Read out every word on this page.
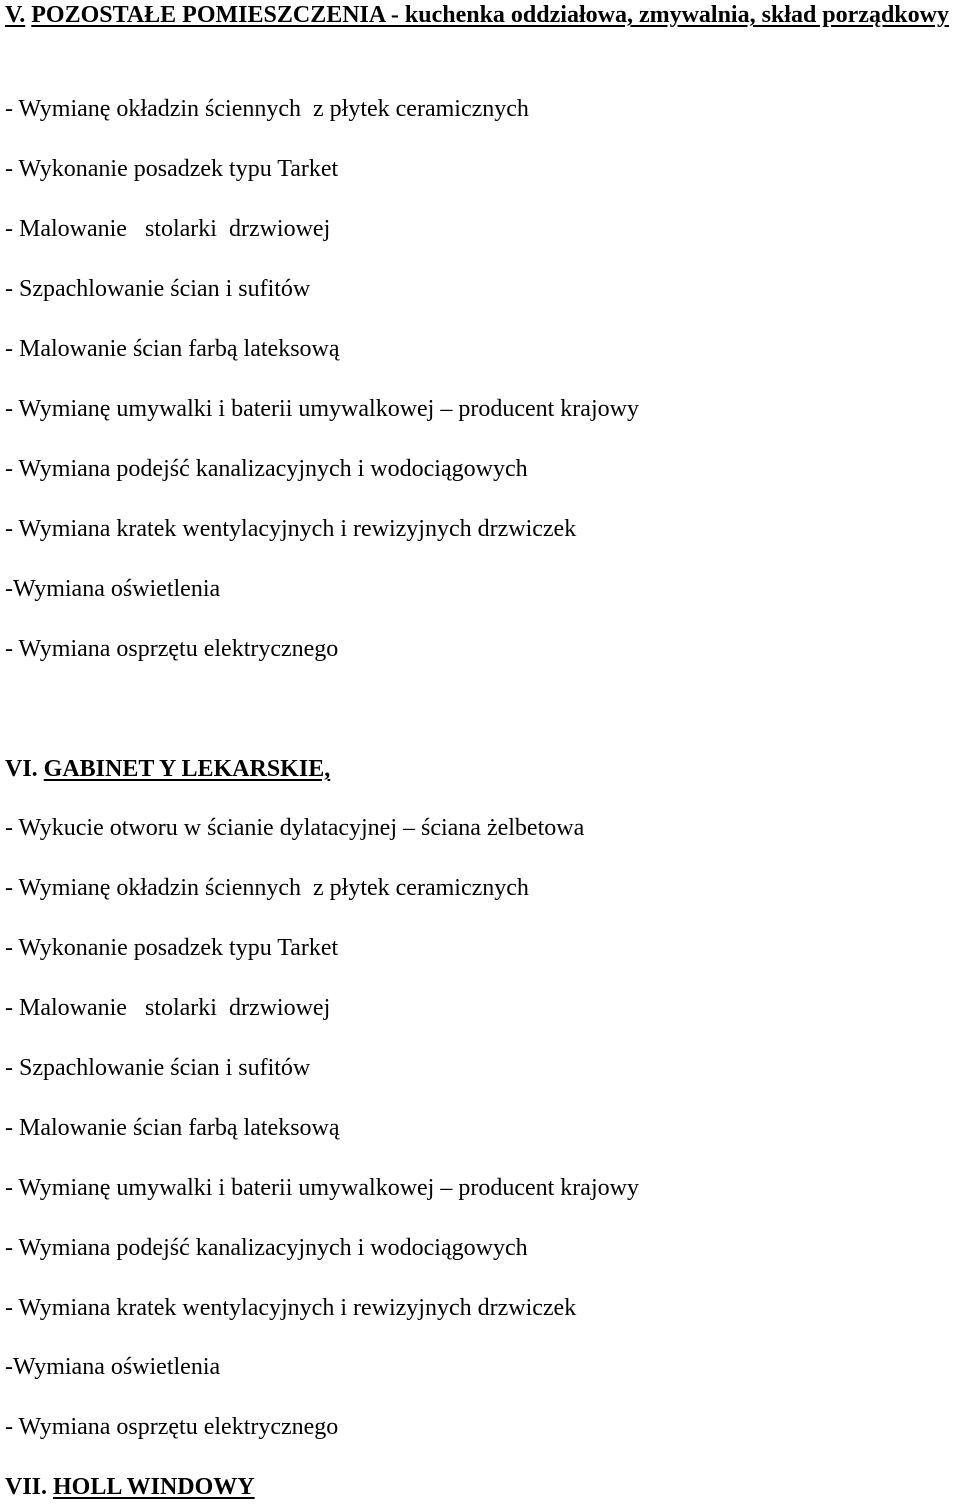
V. POZOSTAŁE POMIESZCZENIA - kuchenka oddziałowa, zmywalnia, skład porządkowy
- Wymianę okładzin ściennych  z płytek ceramicznych
- Wykonanie posadzek typu Tarket
- Malowanie   stolarki  drzwiowej
- Szpachlowanie ścian i sufitów
- Malowanie ścian farbą lateksową
- Wymianę umywalki i baterii umywalkowej – producent krajowy
- Wymiana podejść kanalizacyjnych i wodociągowych
- Wymiana kratek wentylacyjnych i rewizyjnych drzwiczek
-Wymiana oświetlenia
- Wymiana osprzętu elektrycznego
VI. GABINET Y LEKARSKIE,
- Wykucie otworu w ścianie dylatacyjnej – ściana żelbetowa
- Wymianę okładzin ściennych  z płytek ceramicznych
- Wykonanie posadzek typu Tarket
- Malowanie   stolarki  drzwiowej
- Szpachlowanie ścian i sufitów
- Malowanie ścian farbą lateksową
- Wymianę umywalki i baterii umywalkowej – producent krajowy
- Wymiana podejść kanalizacyjnych i wodociągowych
- Wymiana kratek wentylacyjnych i rewizyjnych drzwiczek
-Wymiana oświetlenia
- Wymiana osprzętu elektrycznego
VII. HOLL WINDOWY
